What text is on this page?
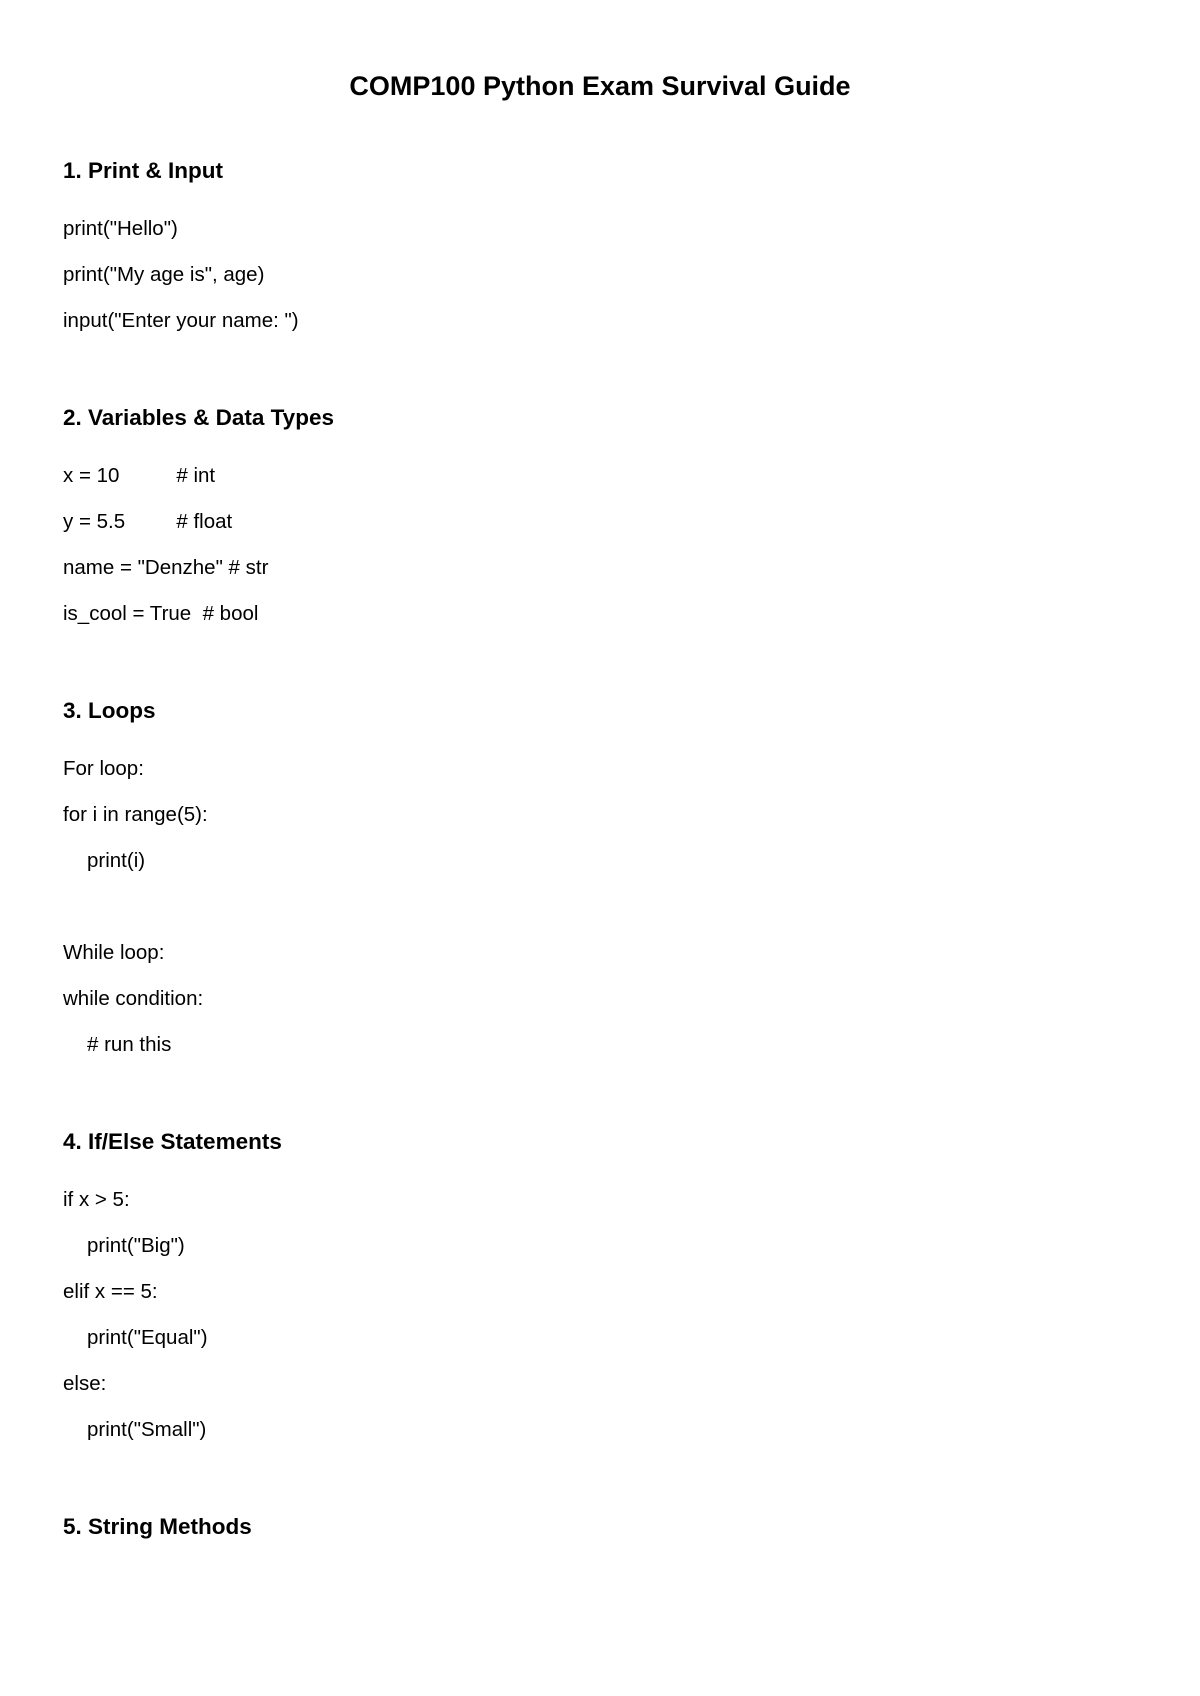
COMP100 Python Exam Survival Guide
1. Print & Input
print("Hello")
print("My age is", age)
input("Enter your name: ")
2. Variables & Data Types
x = 10          # int
y = 5.5         # float
name = "Denzhe" # str
is_cool = True  # bool
3. Loops
For loop:
for i in range(5):
print(i)
While loop:
while condition:
# run this
4. If/Else Statements
if x > 5:
print("Big")
elif x == 5:
print("Equal")
else:
print("Small")
5. String Methods
